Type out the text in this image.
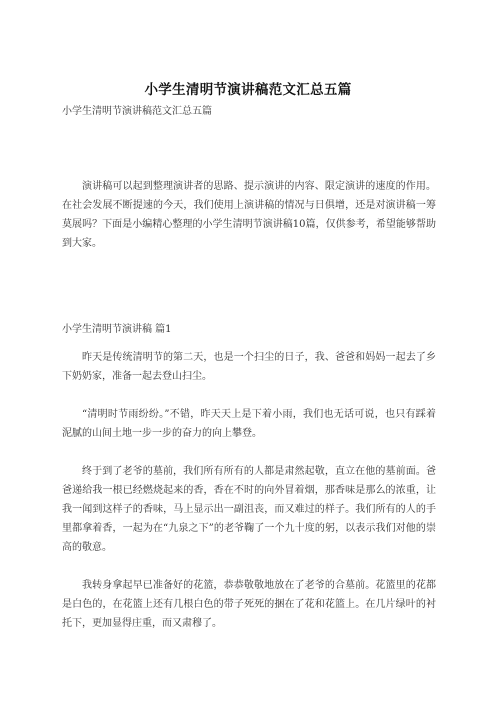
小学生清明节演讲稿范文汇总五篇
小学生清明节演讲稿范文汇总五篇

演讲稿可以起到整理演讲者的思路、提示演讲的内容、限定演讲的速度的作用。在社会发展不断提速的今天，我们使用上演讲稿的情况与日俱增，还是对演讲稿一筹莫展吗？下面是小编精心整理的小学生清明节演讲稿10篇，仅供参考，希望能够帮助到大家。

小学生清明节演讲稿 篇1

昨天是传统清明节的第二天，也是一个扫尘的日子，我、爸爸和妈妈一起去了乡下奶奶家，准备一起去登山扫尘。

“清明时节雨纷纷。”不错，昨天天上是下着小雨，我们也无话可说，也只有踩着泥腻的山间土地一步一步的奋力的向上攀登。

终于到了老爷的墓前，我们所有所有的人都是肃然起敬，直立在他的墓前面。爸爸递给我一根已经燃烧起来的香，香在不时的向外冒着烟，那香味是那么的浓重，让我一闻到这样子的香味，马上显示出一副沮丧，而又难过的样子。我们所有的人的手里都拿着香，一起为在“九泉之下”的老爷鞠了一个九十度的躬，以表示我们对他的崇高的敬意。

我转身拿起早已准备好的花篮，恭恭敬敬地放在了老爷的合墓前。花篮里的花都是白色的，在花篮上还有几根白色的带子死死的捆在了花和花篮上。在几片绿叶的衬托下，更加显得庄重，而又肃穆了。
